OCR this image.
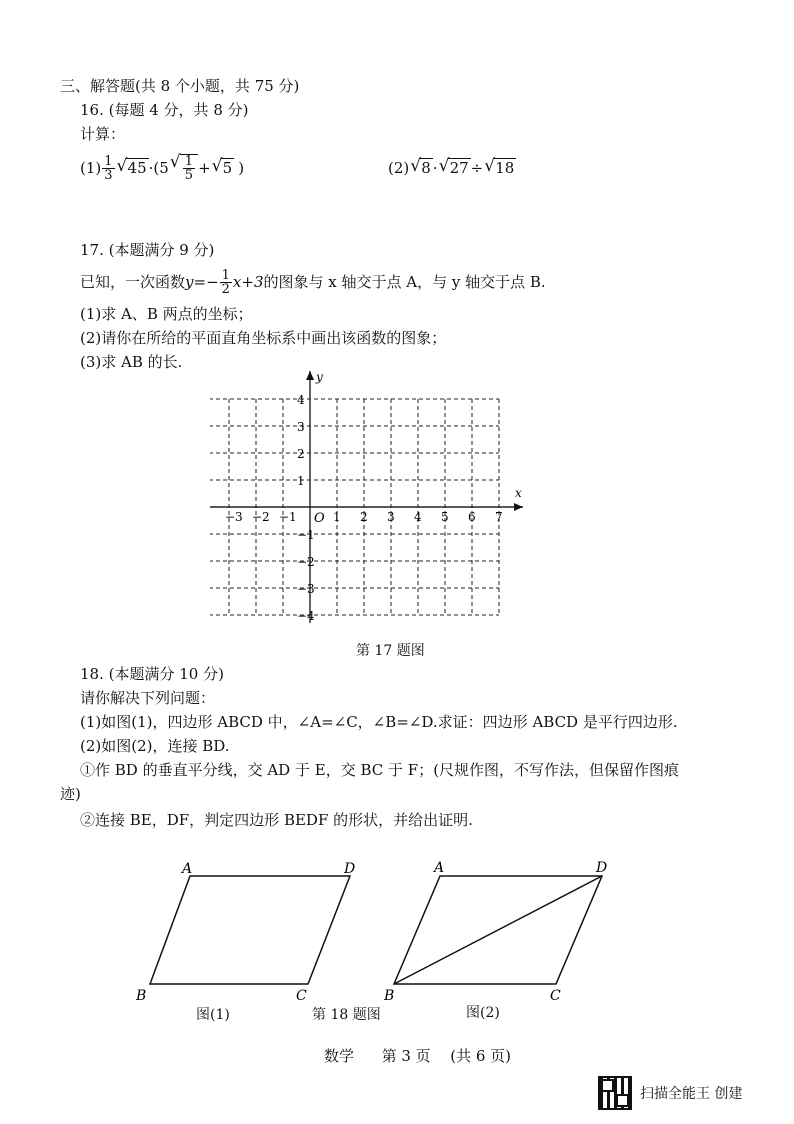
三、解答题(共 8 个小题，共 75 分)
16. (每题 4 分，共 8 分)
计算：
$(1) \frac{1}{3}$ √ 45 ·(5 √ $\frac{1}{5}$ + √ 5 )	(2) √ 8 · √ 27 ÷ √ 18
17. (本题满分 9 分)
已知，一次函数 $y =- \frac{1}{2} x+3$ 的图象与 x 轴交于点 A，与 y 轴交于点 B.
(1)求 A、B 两点的坐标；
(2)请你在所给的平面直角坐标系中画出该函数的图象；
(3)求 AB 的长.
−3 −2 −1	1 2 3 4 5 6 7
4
3
2
1
−1
−2
−3
−4
x
y
O
第 17 题图
18. (本题满分 10 分)
请你解决下列问题：
(1)如图(1)，四边形 ABCD 中，∠A=∠C，∠B=∠D.求证：四边形 ABCD 是平行四边形.
(2)如图(2)，连接 BD.
①作 BD 的垂直平分线，交 AD 于 E，交 BC 于 F；(尺规作图，不写作法，但保留作图痕
迹)
②连接 BE，DF，判定四边形 BEDF 的形状，并给出证明.
A	D
B	C
图(1)
A	D
B	C
图(2)
第 18 题图
数学 第 3 页 (共 6 页)
扫描全能王 创建
